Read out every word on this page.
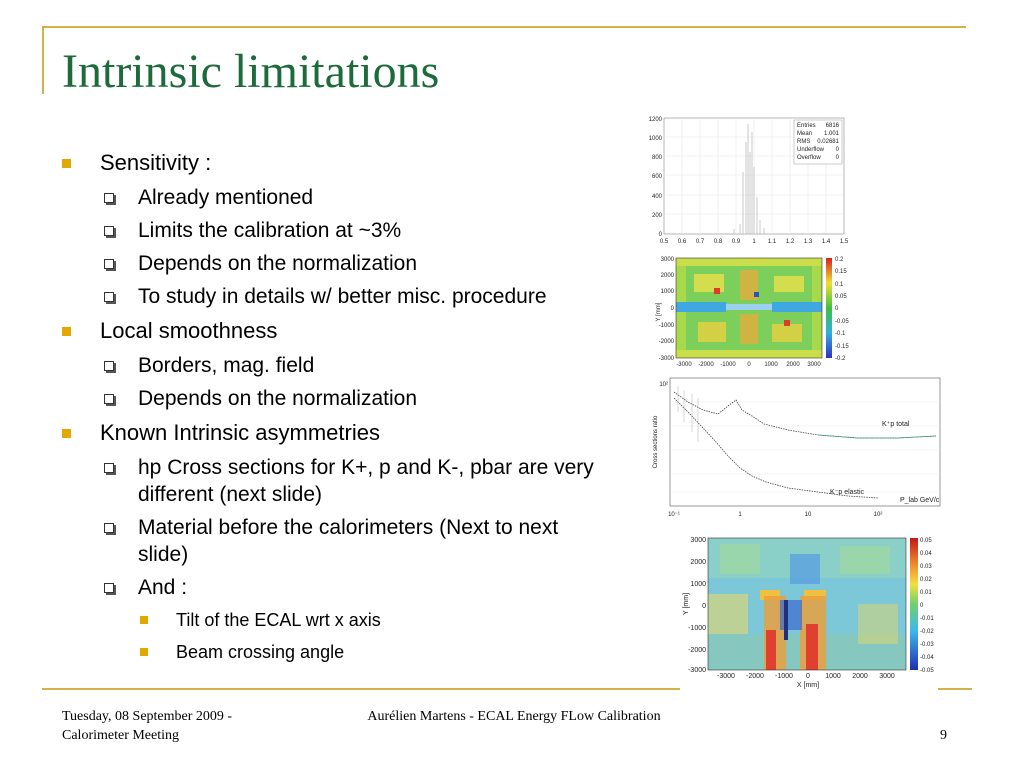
Intrinsic limitations
Sensitivity :
Already mentioned
Limits the calibration at ~3%
Depends on the normalization
To study in details w/ better misc. procedure
Local smoothness
Borders, mag. field
Depends on the normalization
Known Intrinsic asymmetries
hp Cross sections for K+, p and K-, pbar are very different (next slide)
Material before the calorimeters (Next to next slide)
And :
Tilt of the ECAL wrt x axis
Beam crossing angle
Entries 6816
Mean 1.001
RMS 0.02681
Underflow 0
Overflow 0
1200
1000
800
600
400
200
0
0.5 0.6 0.7 0.8 0.9 1 1.1 1.2 1.3 1.4 1.5
Y [mm]
3000
2000
1000
0
-1000
-2000
-3000
-3000 -2000 -1000 0 1000 2000 3000
0.2
0.15
0.1
0.05
0
-0.05
-0.1
-0.15
-0.2
Cross sections ratio
10²
K⁺p total
K⁻p elastic
P_lab GeV/c
10⁻¹	1	10	10²
Y [mm]
3000
2000
1000
0
-1000
-2000
-3000
-3000 -2000 -1000 0 1000 2000 3000
X [mm]
0.05
0.04
0.03
0.02
0.01
0
-0.01
-0.02
-0.03
-0.04
-0.05
Tuesday, 08 September 2009 - Calorimeter Meeting
Aurélien Martens - ECAL Energy FLow Calibration
9
